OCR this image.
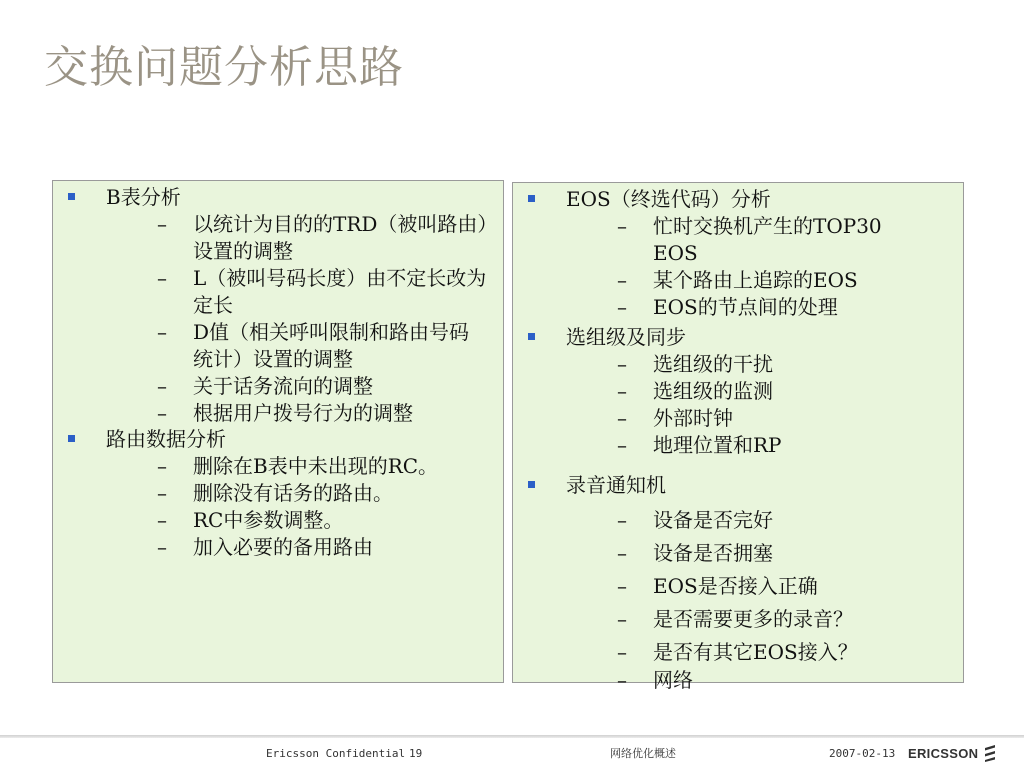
交换问题分析思路
B表分析
– 以统计为目的的TRD（被叫路由）设置的调整
– L（被叫号码长度）由不定长改为定长
– D值（相关呼叫限制和路由号码统计）设置的调整
– 关于话务流向的调整
– 根据用户拨号行为的调整
路由数据分析
– 删除在B表中未出现的RC。
– 删除没有话务的路由。
– RC中参数调整。
– 加入必要的备用路由
EOS（终选代码）分析
– 忙时交换机产生的TOP30 EOS
– 某个路由上追踪的EOS
– EOS的节点间的处理
选组级及同步
– 选组级的干扰
– 选组级的监测
– 外部时钟
– 地理位置和RP
录音通知机
– 设备是否完好
– 设备是否拥塞
– EOS是否接入正确
– 是否需要更多的录音？
– 是否有其它EOS接入？
– 网络
Ericsson Confidential 19	网络优化概述	2007-02-13 ERICSSON
